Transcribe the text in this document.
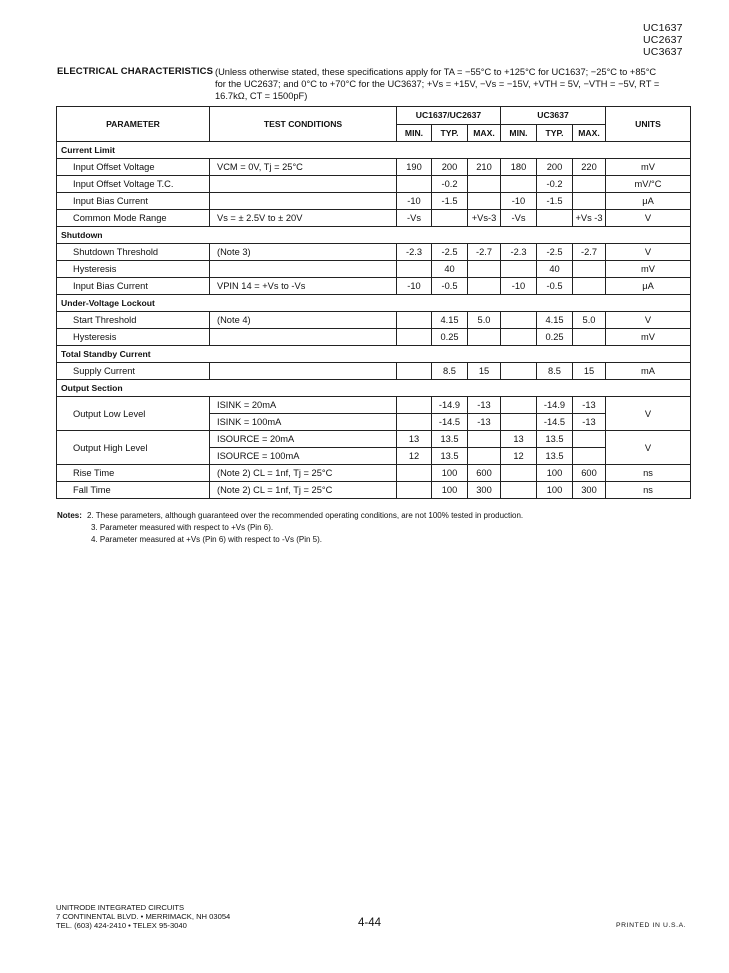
UC1637
UC2637
UC3637
ELECTRICAL CHARACTERISTICS (Unless otherwise stated, these specifications apply for TA = −55°C to +125°C for UC1637; −25°C to +85°C
for the UC2637; and 0°C to +70°C for the UC3637; +Vs = +15V, −Vs = −15V, +VTH = 5V, −VTH = −5V, RT =
16.7kΩ, CT = 1500pF)
PARAMETER	TEST CONDITIONS	UC1637/UC2637			UC3637			UNITS
		MIN.	TYP.	MAX.	MIN.	TYP.	MAX.	
Current Limit								
Input Offset Voltage	VCM = 0V, Tj = 25°C	190	200	210	180	200	220	mV
Input Offset Voltage T.C.			-0.2			-0.2		mV/°C
Input Bias Current		-10	-1.5		-10	-1.5		μA
Common Mode Range	Vs = ± 2.5V to ± 20V	-Vs		+Vs-3	-Vs		+Vs -3	V
Shutdown								
Shutdown Threshold	(Note 3)	-2.3	-2.5	-2.7	-2.3	-2.5	-2.7	V
Hysteresis			40			40		mV
Input Bias Current	VPIN 14 = +Vs to -Vs	-10	-0.5		-10	-0.5		μA
Under-Voltage Lockout								
Start Threshold	(Note 4)		4.15	5.0		4.15	5.0	V
Hysteresis			0.25			0.25		mV
Total Standby Current								
Supply Current			8.5	15		8.5	15	mA
Output Section								
Output Low Level	ISINK = 20mA		-14.9	-13		-14.9	-13	V
	ISINK = 100mA		-14.5	-13		-14.5	-13	
Output High Level	ISOURCE = 20mA	13	13.5		13	13.5		V
	ISOURCE = 100mA	12	13.5		12	13.5		
Rise Time	(Note 2) CL = 1nf, Tj = 25°C		100	600		100	600	ns
Fall Time	(Note 2) CL = 1nf, Tj = 25°C		100	300		100	300	ns
Notes: 2. These parameters, although guaranteed over the recommended operating conditions, are not 100% tested in production.
3. Parameter measured with respect to +Vs (Pin 6).
4. Parameter measured at +Vs (Pin 6) with respect to -Vs (Pin 5).
UNITRODE INTEGRATED CIRCUITS
7 CONTINENTAL BLVD. • MERRIMACK, NH 03054
TEL. (603) 424-2410 • TELEX 95-3040	4-44	PRINTED IN U.S.A.
